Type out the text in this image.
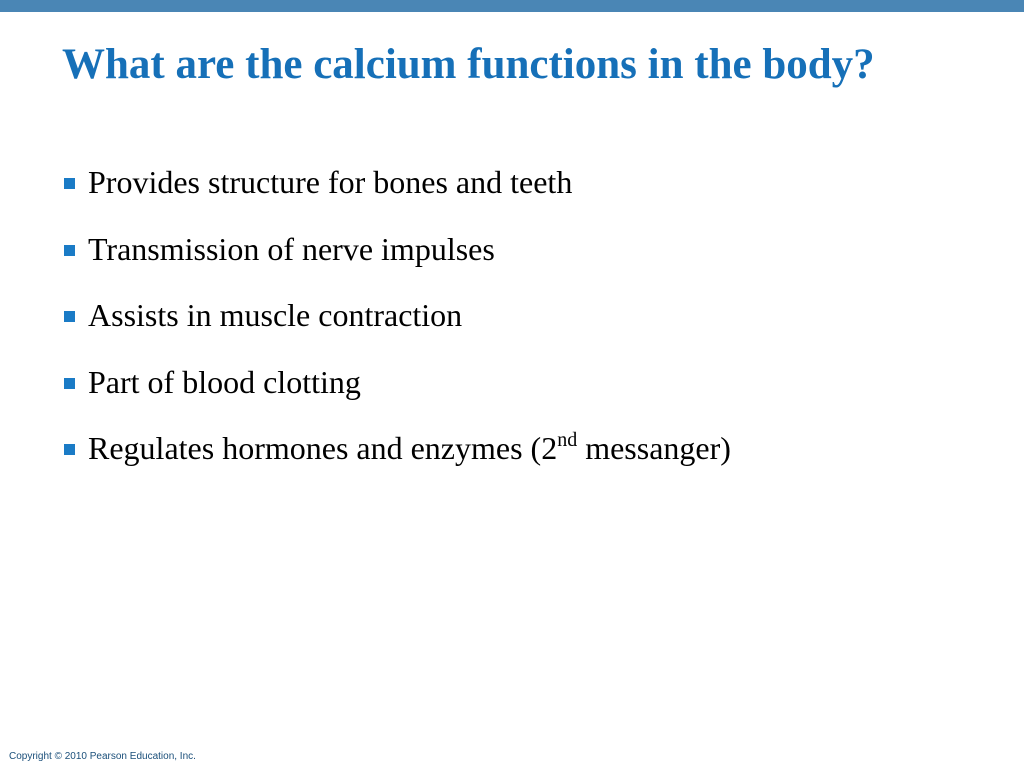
What are the calcium functions in the body?
Provides structure for bones and teeth
Transmission of nerve impulses
Assists in muscle contraction
Part of blood clotting
Regulates hormones and enzymes (2nd messanger)
Copyright © 2010 Pearson Education, Inc.
